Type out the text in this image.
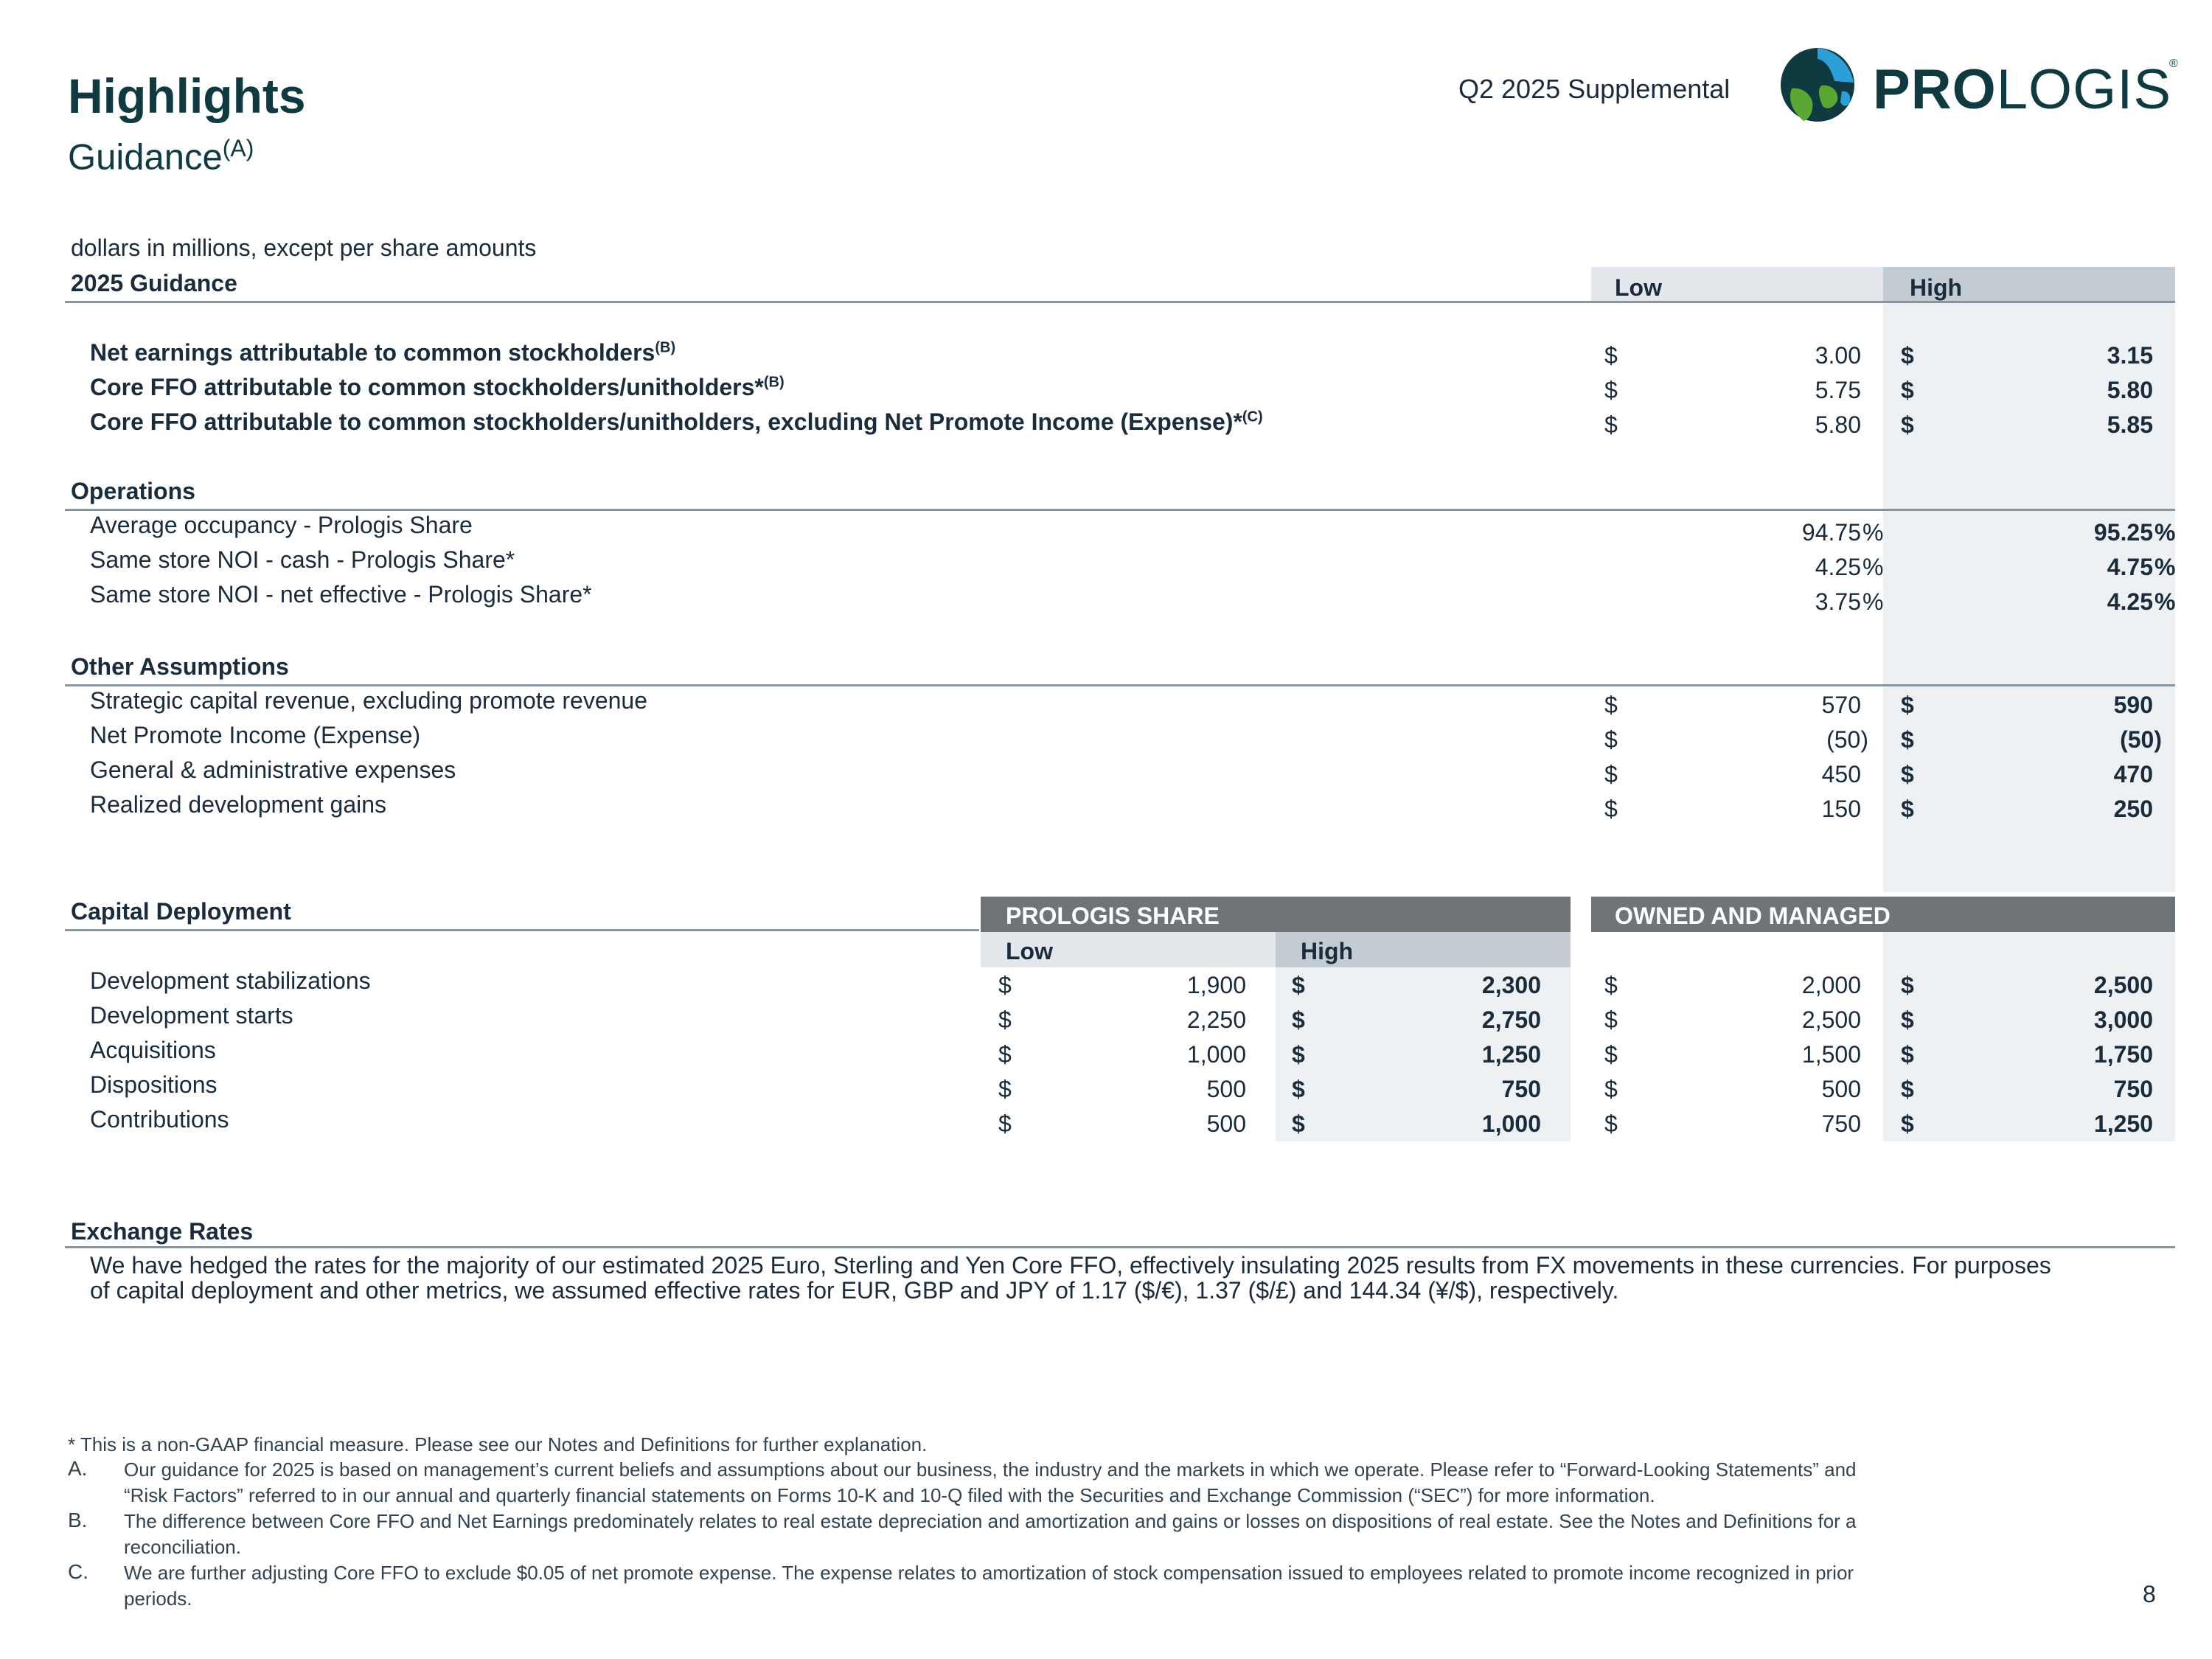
Highlights
Guidance$^{(A)}$
Q2 2025 Supplemental	PROLOGIS
®
dollars in millions, except per share amounts
Low	High
2025 Guidance
Net earnings attributable to common stockholders$^{(B)}$	$	3.00 $	3.15
Core FFO attributable to common stockholders/unitholders*$^{(B)}$	$	5.75 $	5.80
Core FFO attributable to common stockholders/unitholders, excluding Net Promote Income (Expense)*$^{(C)}$	$	5.80 $	5.85
Operations
Average occupancy - Prologis Share	94.75 %	95.25 %
Same store NOI - cash - Prologis Share*	4.25 %	4.75 %
Same store NOI - net effective - Prologis Share*	3.75 %	4.25 %
Other Assumptions
Strategic capital revenue, excluding promote revenue	$	570 $	590
Net Promote Income (Expense)	$	(50) $	(50)
General & administrative expenses	$	450 $	470
Realized development gains	$	150 $	250
Capital Deployment	PROLOGIS SHARE	OWNED AND MANAGED
Low	High
Development stabilizations	$	1,900 $	2,300	$	2,000 $	2,500
Development starts	$	2,250 $	2,750	$	2,500 $	3,000
Acquisitions	$	1,000 $	1,250	$	1,500 $	1,750
Dispositions	$	500 $	750	$	500 $	750
Contributions	$	500 $	1,000	$	750 $	1,250
Exchange Rates
We have hedged the rates for the majority of our estimated 2025 Euro, Sterling and Yen Core FFO, effectively insulating 2025 results from FX movements in these currencies. For purposes
of capital deployment and other metrics, we assumed effective rates for EUR, GBP and JPY of 1.17 ($/€), 1.37 ($/£) and 144.34 (¥/$), respectively.
* This is a non-GAAP financial measure. Please see our Notes and Definitions for further explanation.
A. Our guidance for 2025 is based on management’s current beliefs and assumptions about our business, the industry and the markets in which we operate. Please refer to “Forward-Looking Statements” and
“Risk Factors” referred to in our annual and quarterly financial statements on Forms 10-K and 10-Q filed with the Securities and Exchange Commission (“SEC”) for more information.
B. The difference between Core FFO and Net Earnings predominately relates to real estate depreciation and amortization and gains or losses on dispositions of real estate. See the Notes and Definitions for a
reconciliation.
C. We are further adjusting Core FFO to exclude $0.05 of net promote expense. The expense relates to amortization of stock compensation issued to employees related to promote income recognized in prior
periods.	8
